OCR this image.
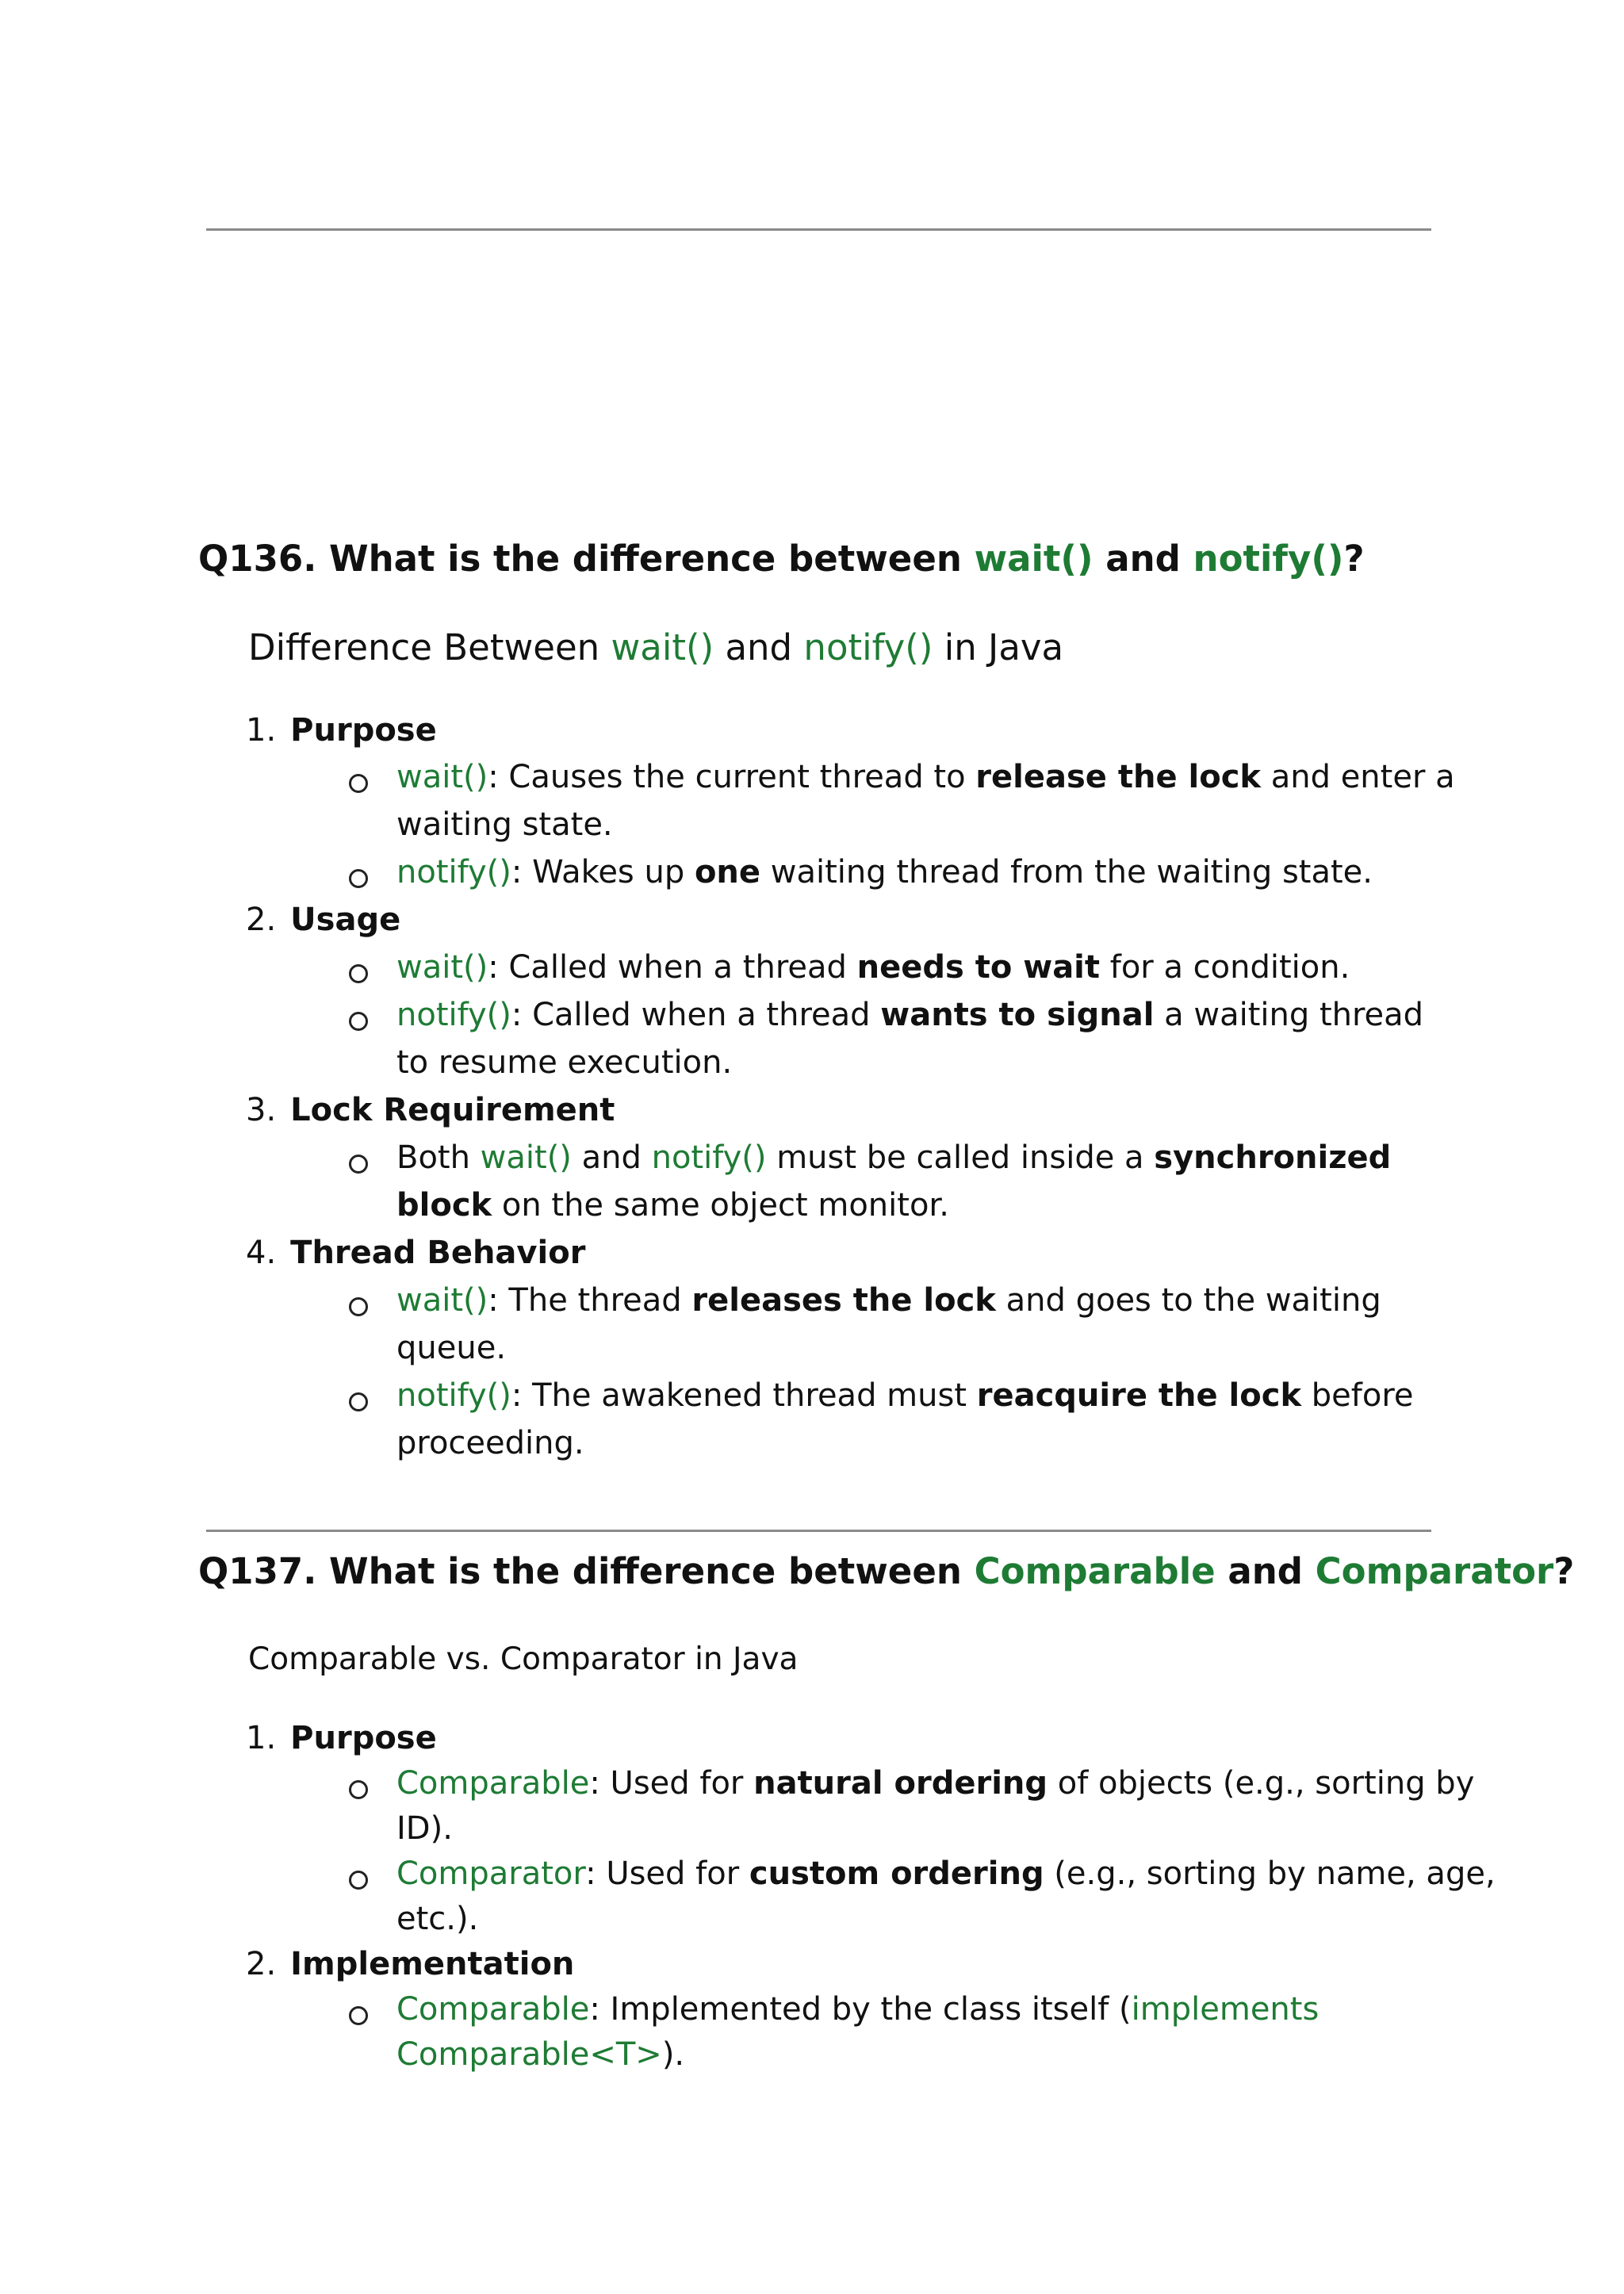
Q136. What is the difference between wait() and notify()?
Difference Between wait() and notify() in Java
1. Purpose
wait(): Causes the current thread to release the lock and enter a
waiting state.
notify(): Wakes up one waiting thread from the waiting state.
2. Usage
wait(): Called when a thread needs to wait for a condition.
notify(): Called when a thread wants to signal a waiting thread
to resume execution.
3. Lock Requirement
Both wait() and notify() must be called inside a synchronized
block on the same object monitor.
4. Thread Behavior
wait(): The thread releases the lock and goes to the waiting
queue.
notify(): The awakened thread must reacquire the lock before
proceeding.
Q137. What is the difference between Comparable and Comparator?
Comparable vs. Comparator in Java
1. Purpose
Comparable: Used for natural ordering of objects (e.g., sorting by
ID).
Comparator: Used for custom ordering (e.g., sorting by name, age,
etc.).
2. Implementation
Comparable: Implemented by the class itself (implements
Comparable<T>).
